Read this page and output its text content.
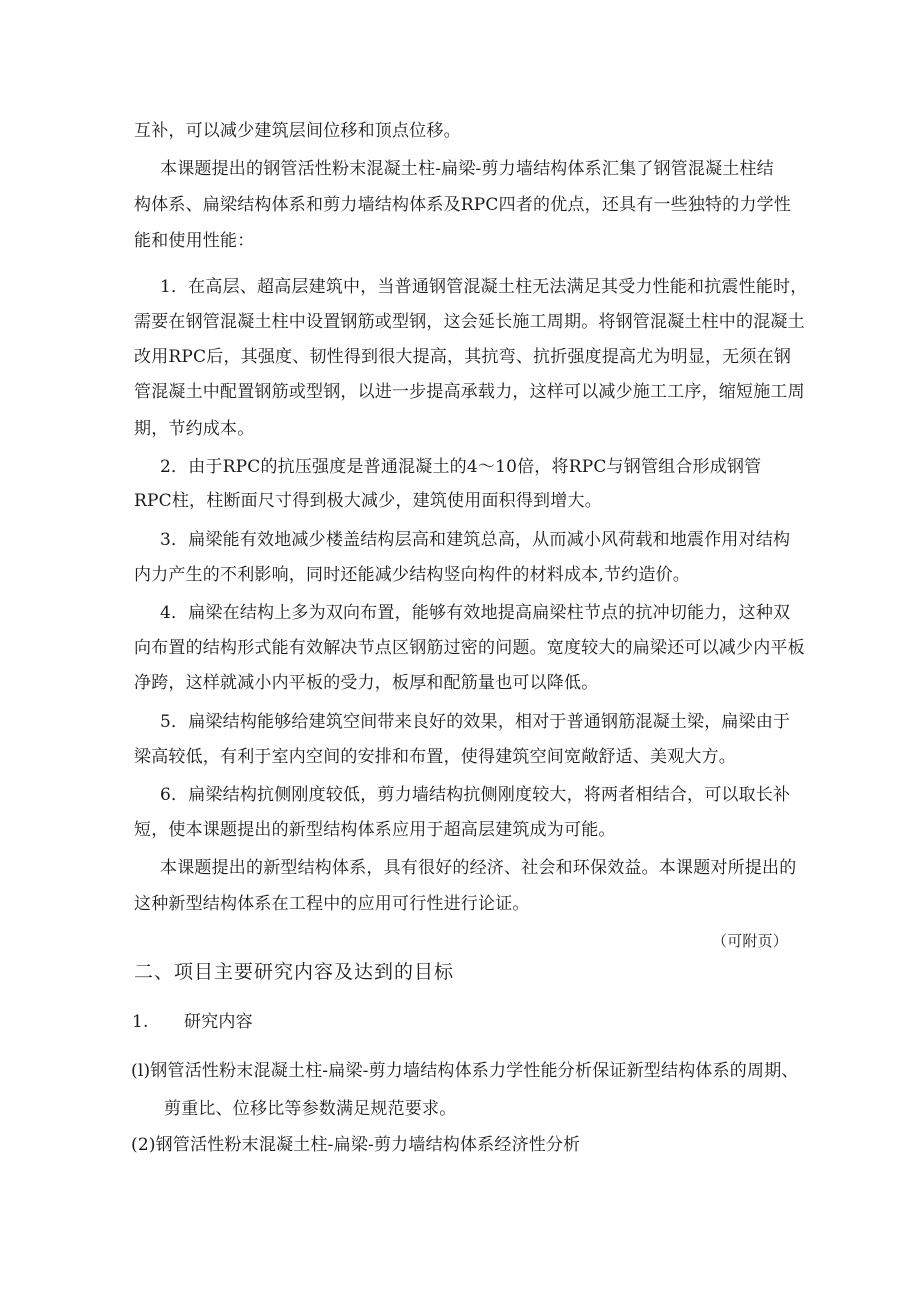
互补，可以减少建筑层间位移和顶点位移。
本课题提出的钢管活性粉末混凝土柱-扁梁-剪力墙结构体系汇集了钢管混凝土柱结
构体系、扁梁结构体系和剪力墙结构体系及RPC四者的优点，还具有一些独特的力学性
能和使用性能：
1．在高层、超高层建筑中，当普通钢管混凝土柱无法满足其受力性能和抗震性能时，
需要在钢管混凝土柱中设置钢筋或型钢，这会延长施工周期。将钢管混凝土柱中的混凝土
改用RPC后，其强度、韧性得到很大提高，其抗弯、抗折强度提高尤为明显，无须在钢
管混凝土中配置钢筋或型钢，以进一步提高承载力，这样可以减少施工工序，缩短施工周
期，节约成本。
2．由于RPC的抗压强度是普通混凝土的4～10倍，将RPC与钢管组合形成钢管
RPC柱，柱断面尺寸得到极大减少，建筑使用面积得到增大。
3．扁梁能有效地减少楼盖结构层高和建筑总高，从而减小风荷载和地震作用对结构
内力产生的不利影响，同时还能减少结构竖向构件的材料成本,节约造价。
4．扁梁在结构上多为双向布置，能够有效地提高扁梁柱节点的抗冲切能力，这种双
向布置的结构形式能有效解决节点区钢筋过密的问题。宽度较大的扁梁还可以减少内平板
净跨，这样就减小内平板的受力，板厚和配筋量也可以降低。
5．扁梁结构能够给建筑空间带来良好的效果，相对于普通钢筋混凝土梁，扁梁由于
梁高较低，有利于室内空间的安排和布置，使得建筑空间宽敞舒适、美观大方。
6．扁梁结构抗侧刚度较低，剪力墙结构抗侧刚度较大，将两者相结合，可以取长补
短，使本课题提出的新型结构体系应用于超高层建筑成为可能。
本课题提出的新型结构体系，具有很好的经济、社会和环保效益。本课题对所提出的
这种新型结构体系在工程中的应用可行性进行论证。
（可附页）
二、项目主要研究内容及达到的目标
1. 研究内容
(l)钢管活性粉末混凝土柱-扁梁-剪力墙结构体系力学性能分析保证新型结构体系的周期、
剪重比、位移比等参数满足规范要求。
(2)钢管活性粉末混凝土柱-扁梁-剪力墙结构体系经济性分析
